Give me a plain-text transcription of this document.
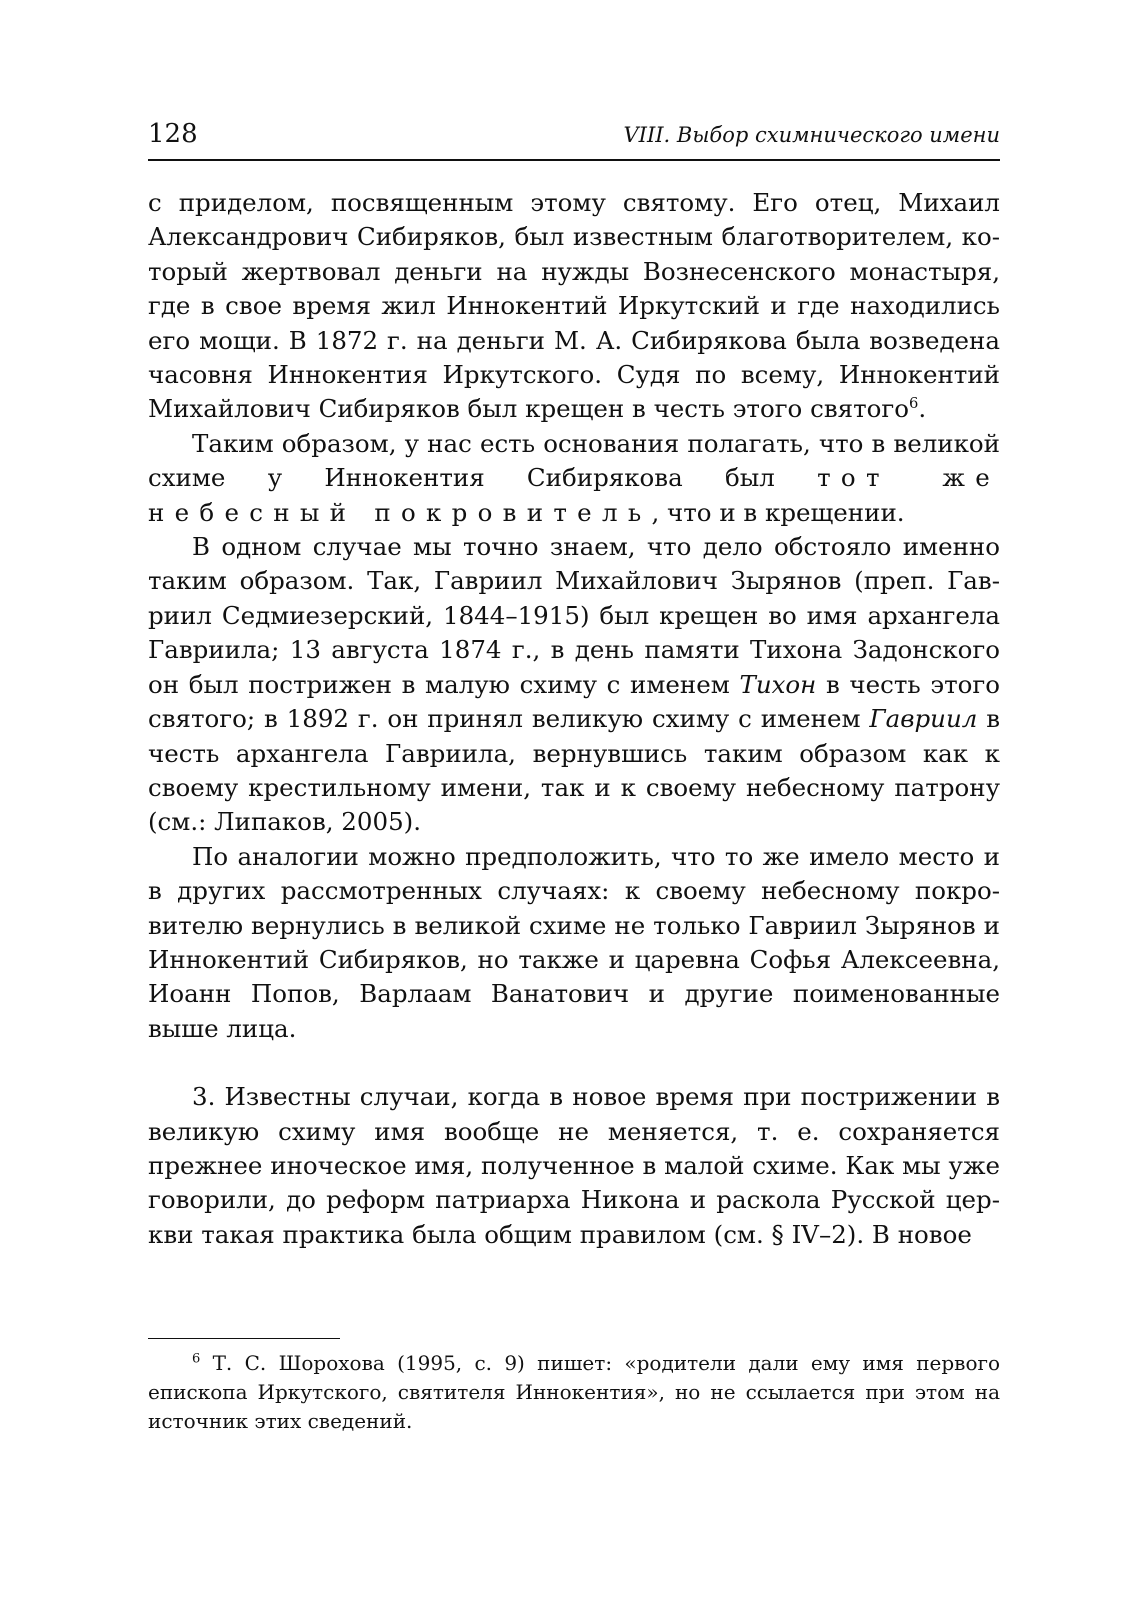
128	VIII. Выбор схимнического имени

с приделом, посвященным этому святому. Его отец, Михаил Александрович Сибиряков, был известным благотворителем, который жертвовал деньги на нужды Вознесенского монастыря, где в свое время жил Иннокентий Иркутский и где находились его мощи. В 1872 г. на деньги М. А. Сибирякова была возведена часовня Иннокентия Иркутского. Судя по всему, Иннокентий Михайлович Сибиряков был крещен в честь этого святого$^6$.

Таким образом, у нас есть основания полагать, что в великой схиме у Иннокентия Сибирякова был тот же небесный покровитель, что и в крещении.

В одном случае мы точно знаем, что дело обстояло именно таким образом. Так, Гавриил Михайлович Зырянов (преп. Гавриил Седмиезерский, 1844–1915) был крещен во имя архангела Гавриила; 13 августа 1874 г., в день памяти Тихона Задонского он был пострижен в малую схиму с именем Тихон в честь этого святого; в 1892 г. он принял великую схиму с именем Гавриил в честь архангела Гавриила, вернувшись таким образом как к своему крестильному имени, так и к своему небесному патрону (см.: Липаков, 2005).

По аналогии можно предположить, что то же имело место и в других рассмотренных случаях: к своему небесному покровителю вернулись в великой схиме не только Гавриил Зырянов и Иннокентий Сибиряков, но также и царевна Софья Алексеевна, Иоанн Попов, Варлаам Ванатович и другие поименованные выше лица.

3. Известны случаи, когда в новое время при пострижении в великую схиму имя вообще не меняется, т. е. сохраняется прежнее иноческое имя, полученное в малой схиме. Как мы уже говорили, до реформ патриарха Никона и раскола Русской церкви такая практика была общим правилом (см. § IV–2). В новое

$^6$ Т. С. Шорохова (1995, с. 9) пишет: «родители дали ему имя первого епископа Иркутского, святителя Иннокентия», но не ссылается при этом на источник этих сведений.
